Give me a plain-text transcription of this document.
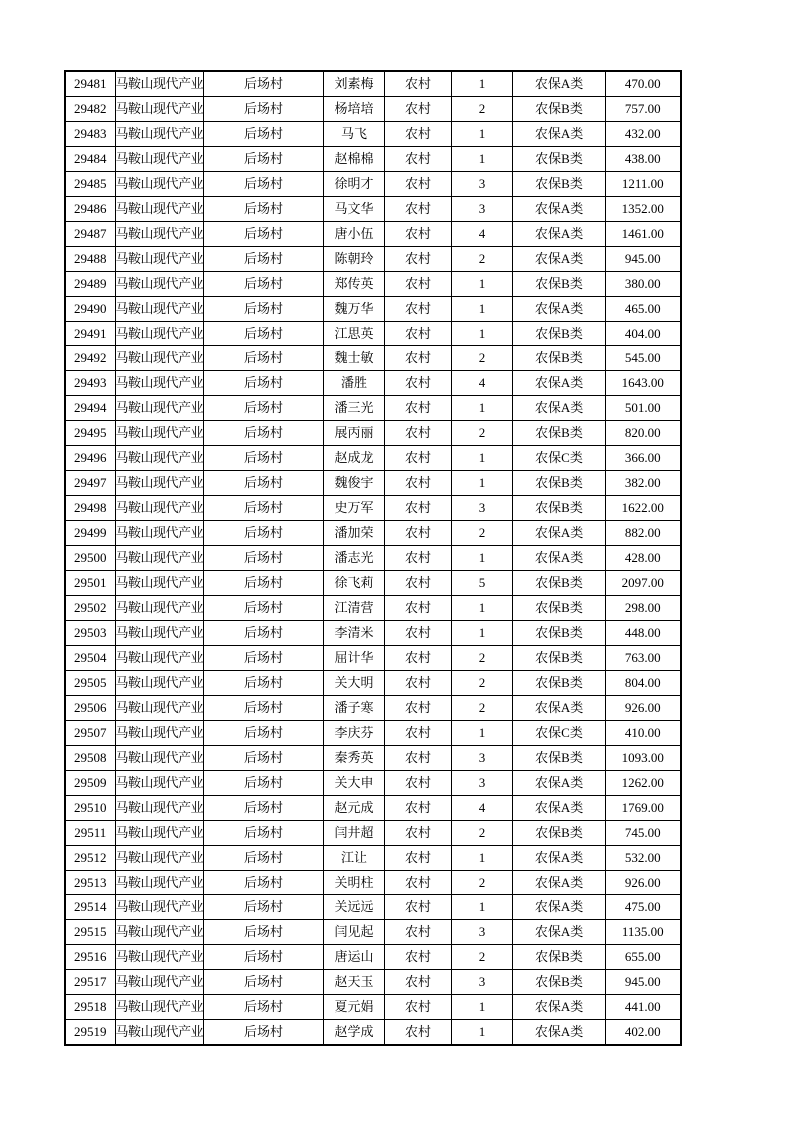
29481	马鞍山现代产业	后场村	刘素梅	农村	1	农保A类	470.00
29482	马鞍山现代产业	后场村	杨培培	农村	2	农保B类	757.00
29483	马鞍山现代产业	后场村	马飞	农村	1	农保A类	432.00
29484	马鞍山现代产业	后场村	赵棉棉	农村	1	农保B类	438.00
29485	马鞍山现代产业	后场村	徐明才	农村	3	农保B类	1211.00
29486	马鞍山现代产业	后场村	马文华	农村	3	农保A类	1352.00
29487	马鞍山现代产业	后场村	唐小伍	农村	4	农保A类	1461.00
29488	马鞍山现代产业	后场村	陈朝玲	农村	2	农保A类	945.00
29489	马鞍山现代产业	后场村	郑传英	农村	1	农保B类	380.00
29490	马鞍山现代产业	后场村	魏万华	农村	1	农保A类	465.00
29491	马鞍山现代产业	后场村	江思英	农村	1	农保B类	404.00
29492	马鞍山现代产业	后场村	魏士敏	农村	2	农保B类	545.00
29493	马鞍山现代产业	后场村	潘胜	农村	4	农保A类	1643.00
29494	马鞍山现代产业	后场村	潘三光	农村	1	农保A类	501.00
29495	马鞍山现代产业	后场村	展丙丽	农村	2	农保B类	820.00
29496	马鞍山现代产业	后场村	赵成龙	农村	1	农保C类	366.00
29497	马鞍山现代产业	后场村	魏俊宇	农村	1	农保B类	382.00
29498	马鞍山现代产业	后场村	史万军	农村	3	农保B类	1622.00
29499	马鞍山现代产业	后场村	潘加荣	农村	2	农保A类	882.00
29500	马鞍山现代产业	后场村	潘志光	农村	1	农保A类	428.00
29501	马鞍山现代产业	后场村	徐飞莉	农村	5	农保B类	2097.00
29502	马鞍山现代产业	后场村	江清营	农村	1	农保B类	298.00
29503	马鞍山现代产业	后场村	李清米	农村	1	农保B类	448.00
29504	马鞍山现代产业	后场村	屈计华	农村	2	农保B类	763.00
29505	马鞍山现代产业	后场村	关大明	农村	2	农保B类	804.00
29506	马鞍山现代产业	后场村	潘子寒	农村	2	农保A类	926.00
29507	马鞍山现代产业	后场村	李庆芬	农村	1	农保C类	410.00
29508	马鞍山现代产业	后场村	秦秀英	农村	3	农保B类	1093.00
29509	马鞍山现代产业	后场村	关大申	农村	3	农保A类	1262.00
29510	马鞍山现代产业	后场村	赵元成	农村	4	农保A类	1769.00
29511	马鞍山现代产业	后场村	闫井超	农村	2	农保B类	745.00
29512	马鞍山现代产业	后场村	江让	农村	1	农保A类	532.00
29513	马鞍山现代产业	后场村	关明柱	农村	2	农保A类	926.00
29514	马鞍山现代产业	后场村	关远远	农村	1	农保A类	475.00
29515	马鞍山现代产业	后场村	闫见起	农村	3	农保A类	1135.00
29516	马鞍山现代产业	后场村	唐运山	农村	2	农保B类	655.00
29517	马鞍山现代产业	后场村	赵天玉	农村	3	农保B类	945.00
29518	马鞍山现代产业	后场村	夏元娟	农村	1	农保A类	441.00
29519	马鞍山现代产业	后场村	赵学成	农村	1	农保A类	402.00
